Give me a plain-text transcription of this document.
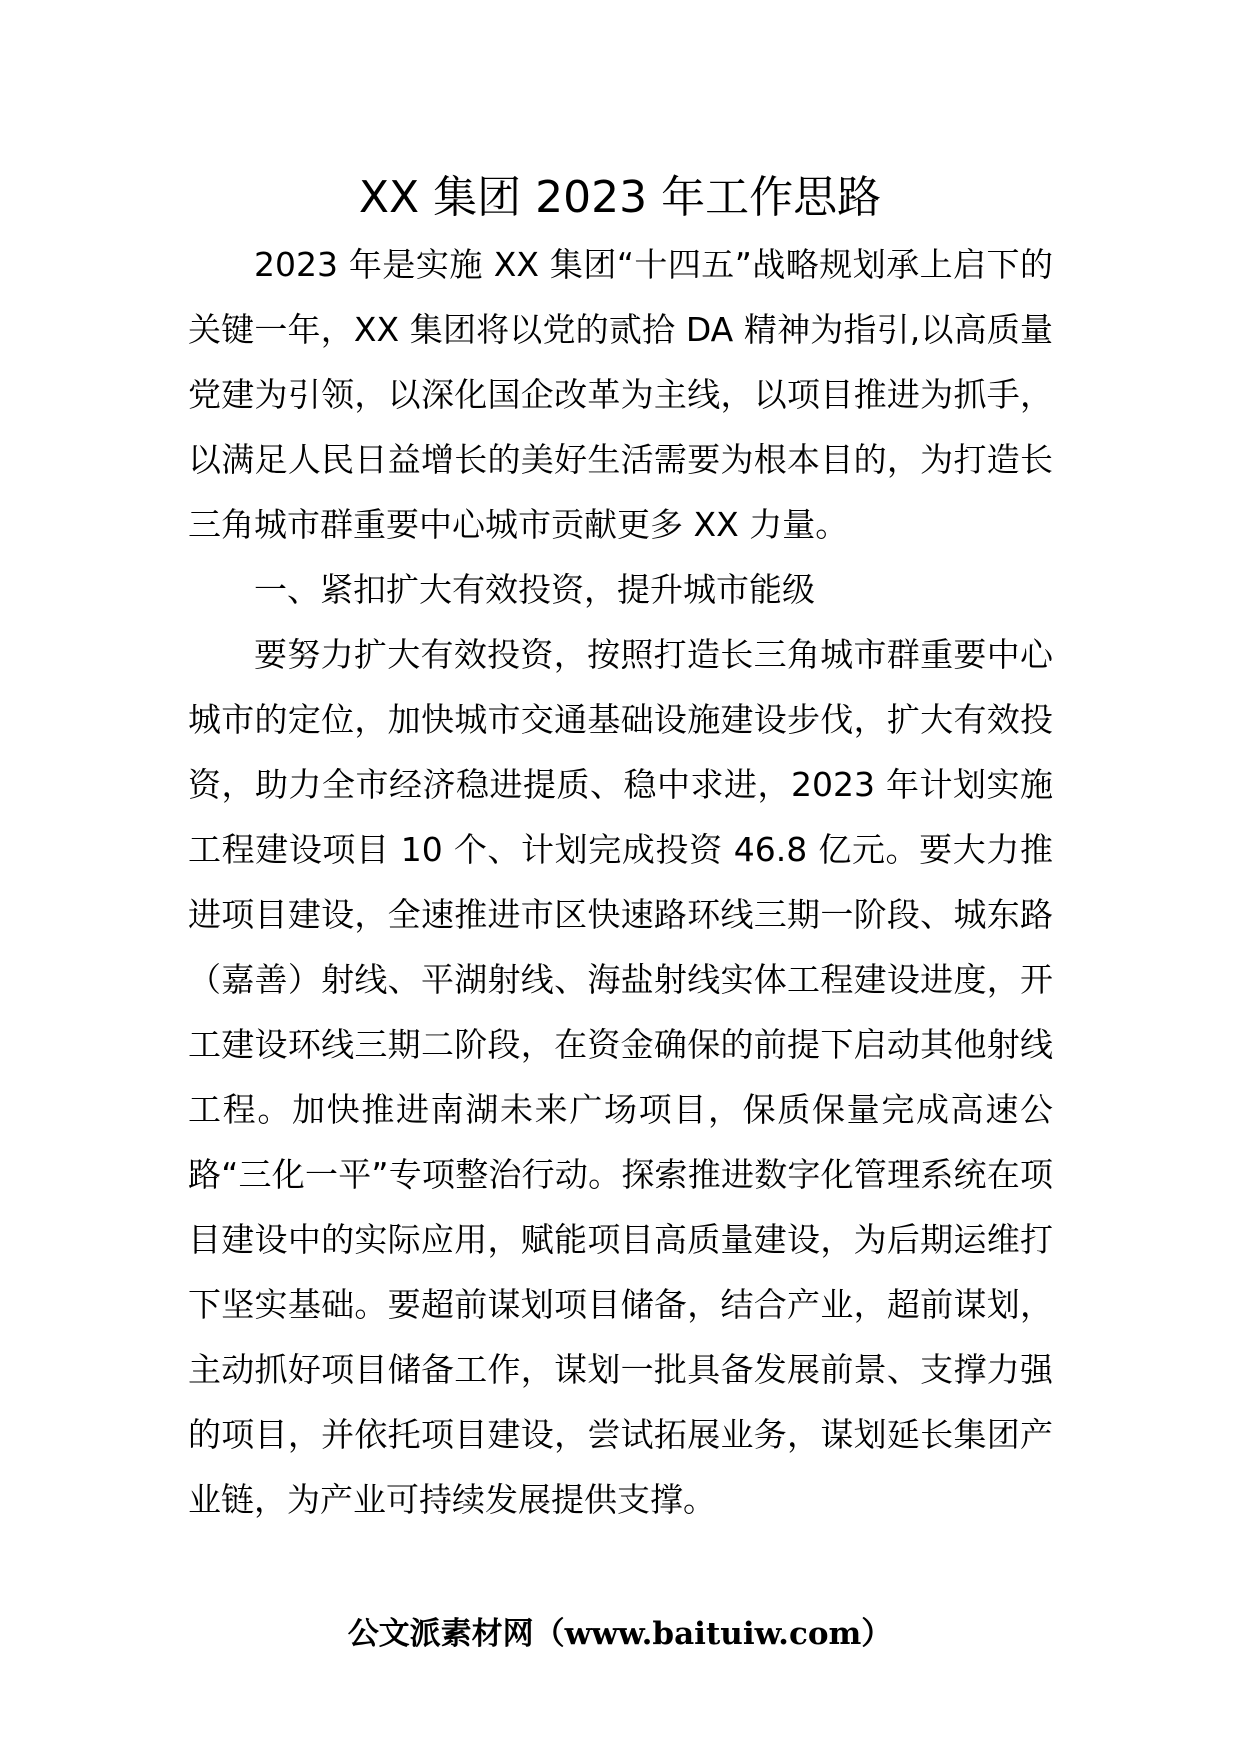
XX 集团 2023 年工作思路

2023 年是实施 XX 集团“十四五”战略规划承上启下的关键一年，XX 集团将以党的贰拾 DA 精神为指引,以高质量党建为引领，以深化国企改革为主线，以项目推进为抓手，以满足人民日益增长的美好生活需要为根本目的，为打造长三角城市群重要中心城市贡献更多 XX 力量。

一、紧扣扩大有效投资，提升城市能级

要努力扩大有效投资，按照打造长三角城市群重要中心城市的定位，加快城市交通基础设施建设步伐，扩大有效投资，助力全市经济稳进提质、稳中求进，2023 年计划实施工程建设项目 10 个、计划完成投资 46.8 亿元。要大力推进项目建设，全速推进市区快速路环线三期一阶段、城东路（嘉善）射线、平湖射线、海盐射线实体工程建设进度，开工建设环线三期二阶段，在资金确保的前提下启动其他射线工程。加快推进南湖未来广场项目，保质保量完成高速公路“三化一平”专项整治行动。探索推进数字化管理系统在项目建设中的实际应用，赋能项目高质量建设，为后期运维打下坚实基础。要超前谋划项目储备，结合产业，超前谋划，主动抓好项目储备工作，谋划一批具备发展前景、支撑力强的项目，并依托项目建设，尝试拓展业务，谋划延长集团产业链，为产业可持续发展提供支撑。

公文派素材网（www.baituiw.com）
